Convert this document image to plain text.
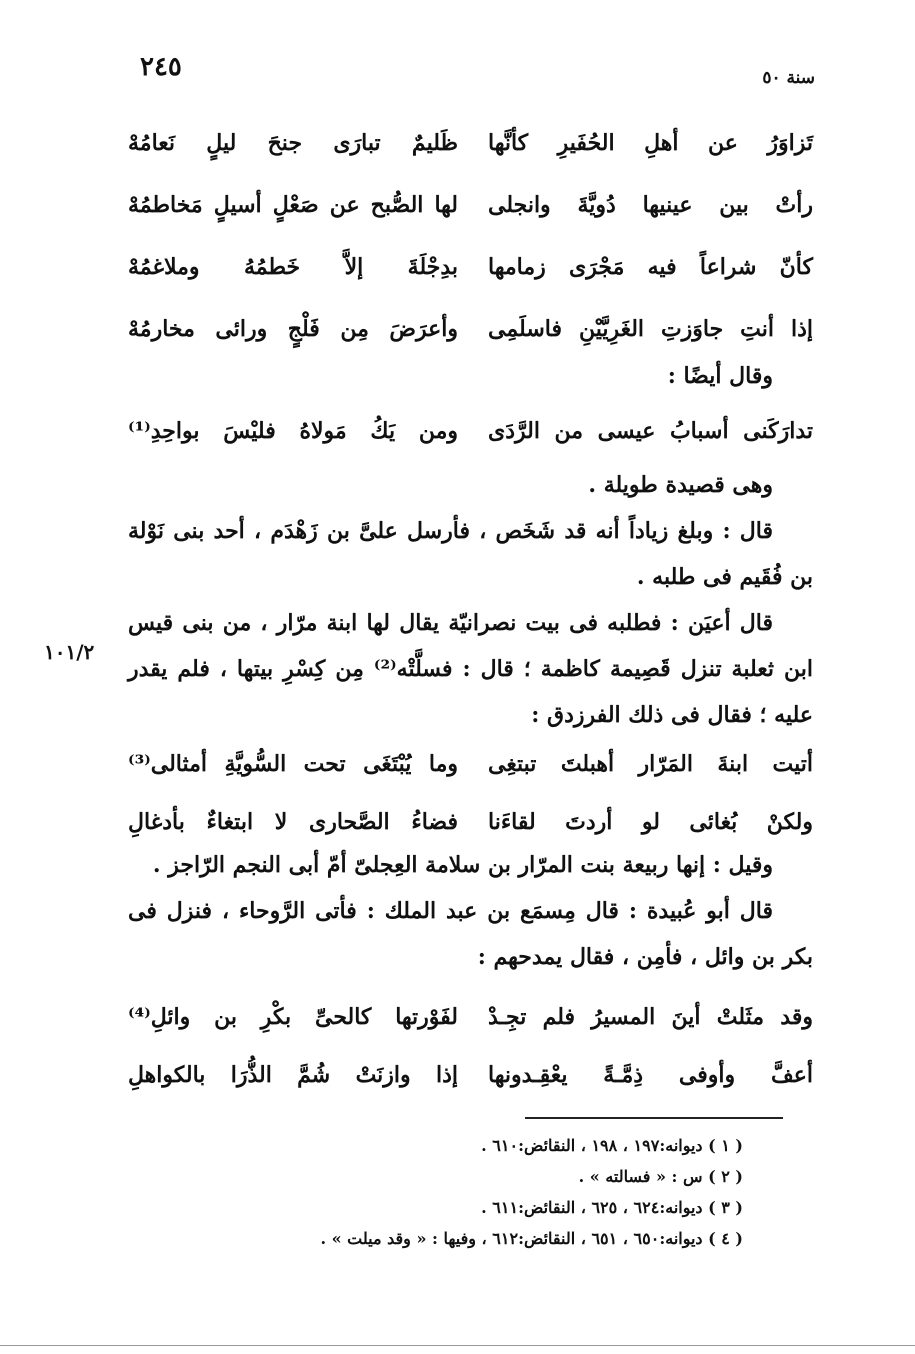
٢٤٥	سنة ٥٠
تَزاوَرُ عن أهلِ الحُفَيرِ كأنَّها
ظَليمٌ تبارَى جنحَ ليلٍ نَعامُهْ
رأتْ بين عينيها دُويَّةَ وانجلى
لها الصُّبح عن صَعْلٍ أسيلٍ مَخاطمُهْ
كأنّ شراعاً فيه مَجْرَى زمامها
بدِجْلَةَ إلاَّ خَطمُهُ وملاغمُهْ
إذا أنتِ جاوَزتِ الغَرِيَّيْنِ فاسلَمِى
وأعرَضَ مِن فَلْجٍ ورائى مخارمُهْ

وقال أيضًا :

تدارَكَنى أسبابُ عيسى من الرَّدَى
ومن يَكُ مَولاهُ فليْسَ بواحِدِ⁽¹⁾

وهى قصيدة طويلة .

قال : وبلغ زياداً أنه قد شَخَص ، فأرسل علىَّ بن زَهْدَم ، أحد بنى نَوْلة بن فُقَيم فى طلبه .

قال أعيَن : فطلبه فى بيت نصرانيّة يقال لها ابنة مرّار ، من بنى قيس ابن ثعلبة تنزل قَصِيمة كاظمة ؛ قال : فسلَّتْه⁽²⁾ مِن كِسْرِ بيتها ، فلم يقدر عليه ؛ فقال فى ذلك الفرزدق :

١٠١/٢
أتيت ابنةَ المَرّار أهبلتَ تبتغِى
وما يُبْتَغَى تحت السُّويَّةِ أمثالى⁽³⁾
ولكنْ بُغائى لو أردتَ لقاءَنا
فضاءُ الصَّحارى لا ابتغاءٌ بأدغالِ

وقيل : إنها ربيعة بنت المرّار بن سلامة العِجلىّ أمّ أبى النجم الرّاجز .

قال أبو عُبيدة : قال مِسمَع بن عبد الملك : فأتى الرَّوحاء ، فنزل فى بكر بن وائل ، فأمِن ، فقال يمدحهم :

وقد مثَلتْ أينَ المسيرُ فلم تجِـدْ
لفَوْرتها كالحىِّ بكْرِ بن وائلِ⁽⁴⁾
أعفَّ وأوفى ذِمَّـةً يعْقِـدونها
إذا وازنَتْ شُمَّ الذُّرَا بالكواهلِ
( ١ ) ديوانه:١٩٧ ، ١٩٨ ، النقائض:٦١٠ .
( ٢ ) س : « فسالته » .
( ٣ ) ديوانه:٦٢٤ ، ٦٢٥ ، النقائض:٦١١ .
( ٤ ) ديوانه:٦٥٠ ، ٦٥١ ، النقائض:٦١٢ ، وفيها : « وقد ميلت » .
